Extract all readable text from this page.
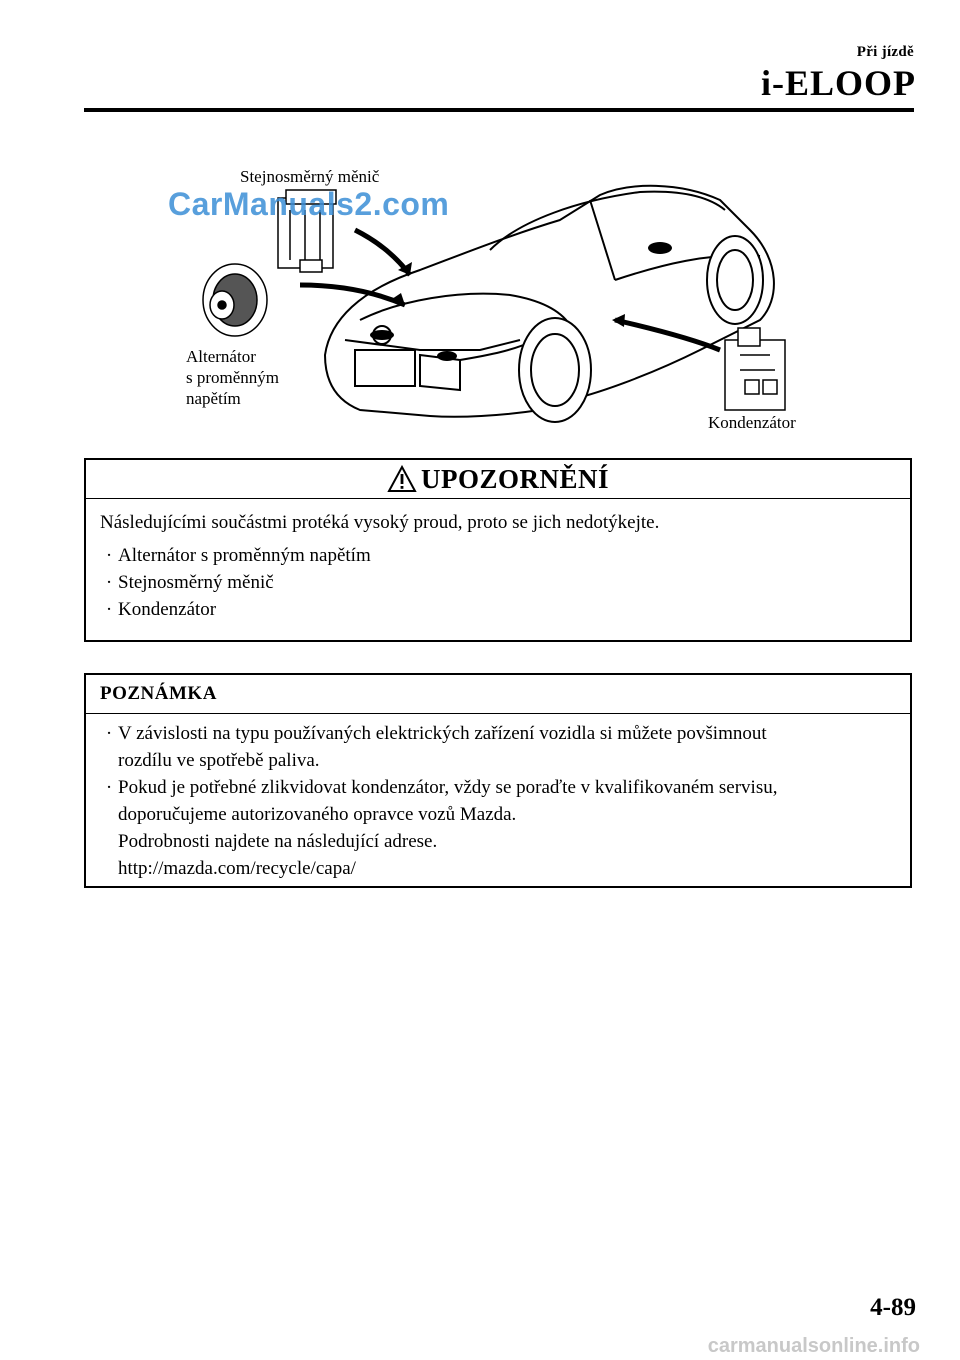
Při jízdě
i-ELOOP
Stejnosměrný měnič
Alternátor
s proměnným
napětím
Kondenzátor
CarManuals2.com
UPOZORNĚNÍ
Následujícími součástmi protéká vysoký proud, proto se jich nedotýkejte.
· Alternátor s proměnným napětím
· Stejnosměrný měnič
· Kondenzátor
POZNÁMKA
· V závislosti na typu používaných elektrických zařízení vozidla si můžete povšimnout
rozdílu ve spotřebě paliva.
· Pokud je potřebné zlikvidovat kondenzátor, vždy se poraďte v kvalifikovaném servisu,
doporučujeme autorizovaného opravce vozů Mazda.
Podrobnosti najdete na následující adrese.
http://mazda.com/recycle/capa/
4-89
carmanualsonline.info
